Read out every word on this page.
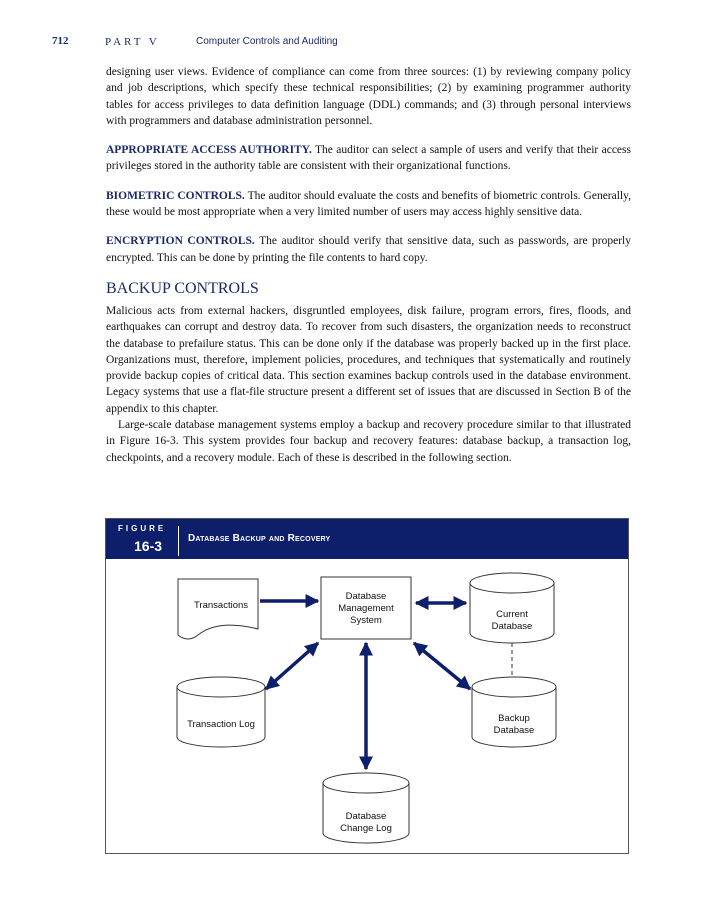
712	PART V	Computer Controls and Auditing

designing user views. Evidence of compliance can come from three sources: (1) by reviewing company policy and job descriptions, which specify these technical responsibilities; (2) by examining programmer authority tables for access privileges to data definition language (DDL) commands; and (3) through personal interviews with programmers and database administration personnel.

APPROPRIATE ACCESS AUTHORITY. The auditor can select a sample of users and verify that their access privileges stored in the authority table are consistent with their organizational functions.

BIOMETRIC CONTROLS. The auditor should evaluate the costs and benefits of biometric controls. Generally, these would be most appropriate when a very limited number of users may access highly sensitive data.

ENCRYPTION CONTROLS. The auditor should verify that sensitive data, such as passwords, are properly encrypted. This can be done by printing the file contents to hard copy.

BACKUP CONTROLS

Malicious acts from external hackers, disgruntled employees, disk failure, program errors, fires, floods, and earthquakes can corrupt and destroy data. To recover from such disasters, the organization needs to reconstruct the database to prefailure status. This can be done only if the database was properly backed up in the first place. Organizations must, therefore, implement policies, procedures, and techniques that systematically and routinely provide backup copies of critical data. This section examines backup controls used in the database environment. Legacy systems that use a flat-file structure present a different set of issues that are discussed in Section B of the appendix to this chapter.

Large-scale database management systems employ a backup and recovery procedure similar to that illustrated in Figure 16-3. This system provides four backup and recovery features: database backup, a transaction log, checkpoints, and a recovery module. Each of these is described in the following section.

FIGURE
16-3	Database Backup and Recovery
Transactions
Database
Management
System
Current
Database
Transaction Log
Backup
Database
Database
Change Log
